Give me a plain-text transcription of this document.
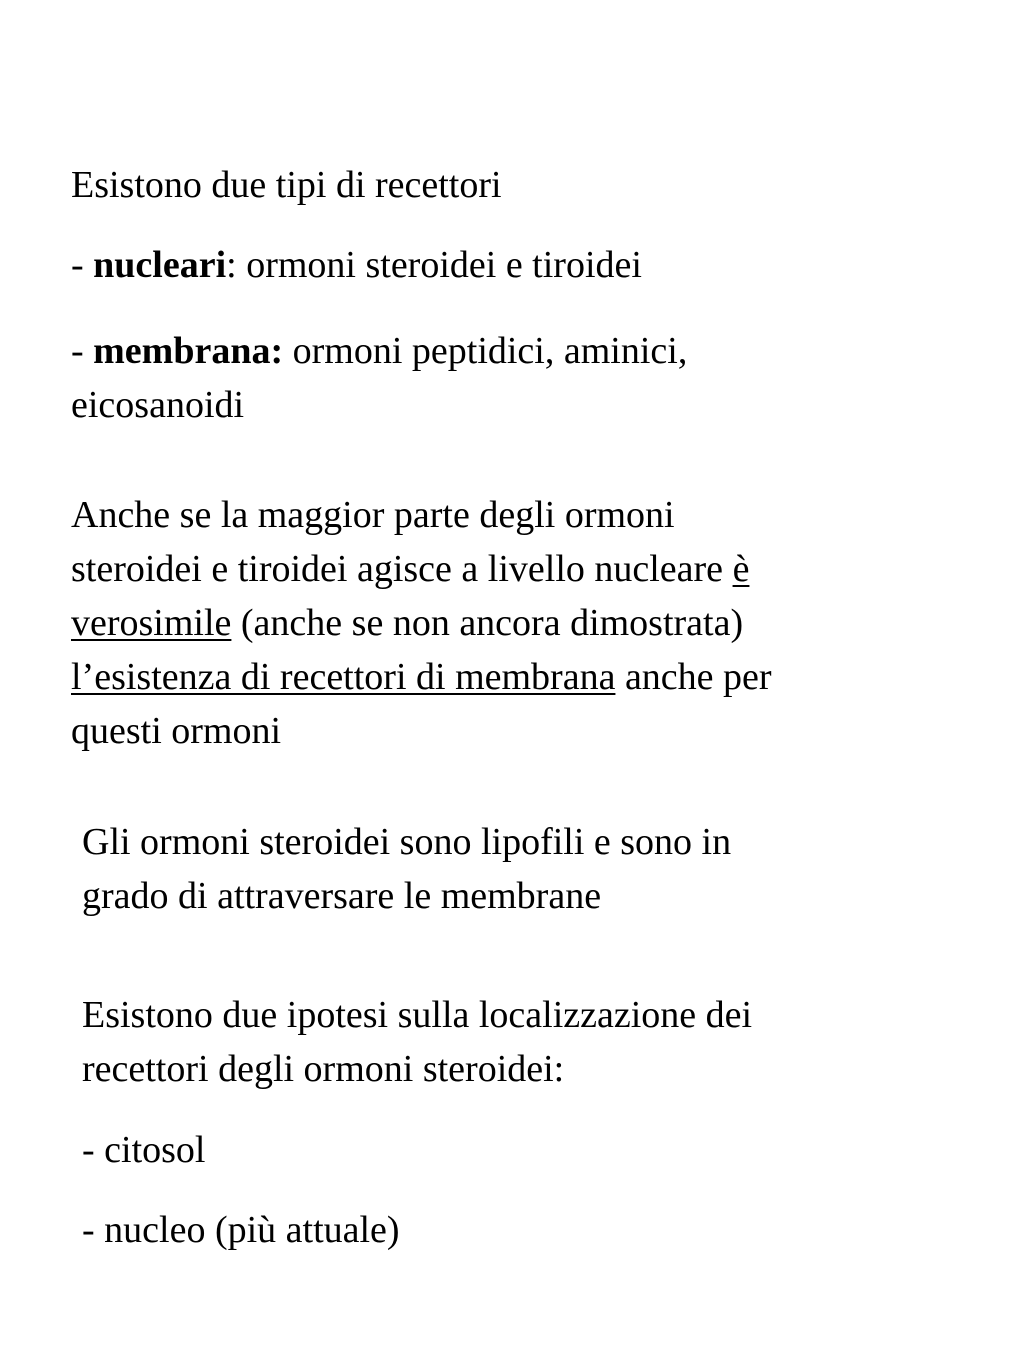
Esistono due tipi di recettori

- nucleari: ormoni steroidei e tiroidei

- membrana: ormoni peptidici, aminici,
eicosanoidi

Anche se la maggior parte degli ormoni
steroidei e tiroidei agisce a livello nucleare è
verosimile (anche se non ancora dimostrata)
l’esistenza di recettori di membrana anche per
questi ormoni

Gli ormoni steroidei sono lipofili e sono in
grado di attraversare le membrane

Esistono due ipotesi sulla localizzazione dei
recettori degli ormoni steroidei:

- citosol

- nucleo (più attuale)
